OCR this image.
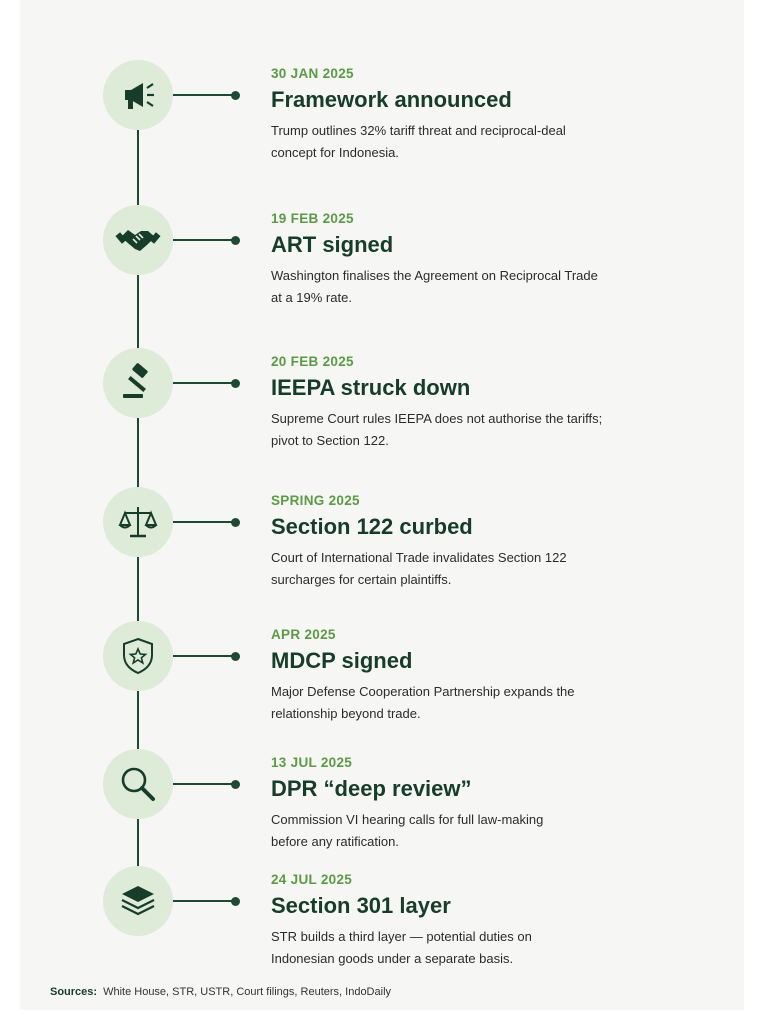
30 JAN 2025
Framework announced
Trump outlines 32% tariff threat and reciprocal-deal
concept for Indonesia.
19 FEB 2025
ART signed
Washington finalises the Agreement on Reciprocal Trade
at a 19% rate.
20 FEB 2025
IEEPA struck down
Supreme Court rules IEEPA does not authorise the tariffs;
pivot to Section 122.
SPRING 2025
Section 122 curbed
Court of International Trade invalidates Section 122
surcharges for certain plaintiffs.
APR 2025
MDCP signed
Major Defense Cooperation Partnership expands the
relationship beyond trade.
13 JUL 2025
DPR “deep review”
Commission VI hearing calls for full law-making
before any ratification.
24 JUL 2025
Section 301 layer
STR builds a third layer — potential duties on
Indonesian goods under a separate basis.
Sources: White House, STR, USTR, Court filings, Reuters, IndoDaily
